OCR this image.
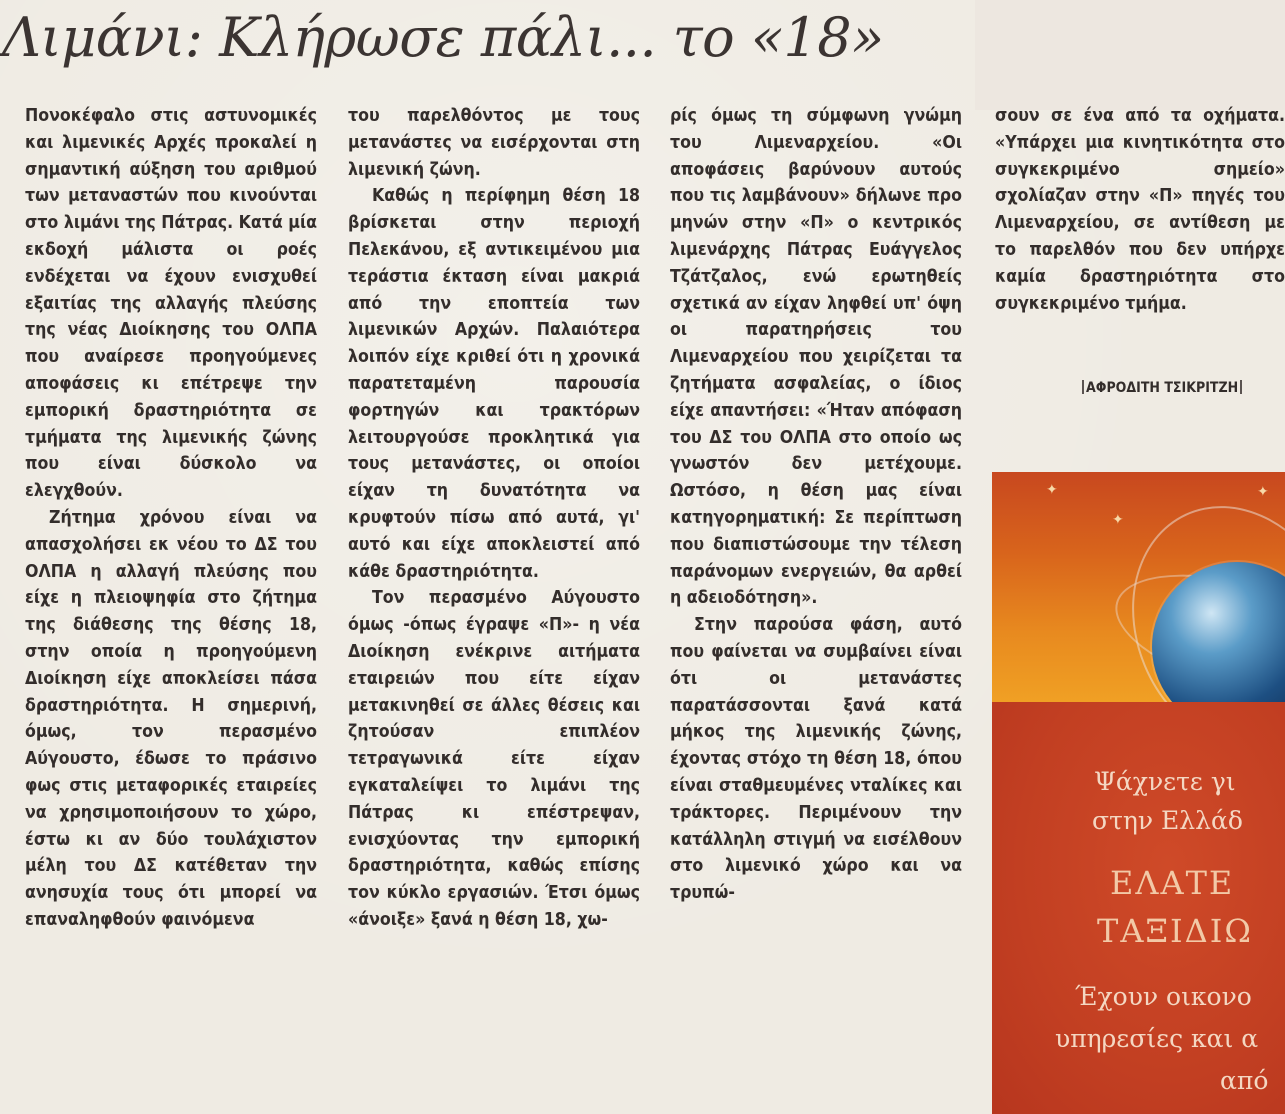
Λιμάνι: Κλήρωσε πάλι... το «18»

Πονοκέφαλο στις αστυνομικές και λιμενικές Αρχές προκαλεί η σημαντική αύξηση του αριθμού των μεταναστών που κινούνται στο λιμάνι της Πάτρας. Κατά μία εκδοχή μάλιστα οι ροές ενδέχεται να έχουν ενισχυθεί εξαιτίας της αλλαγής πλεύσης της νέας Διοίκησης του ΟΛΠΑ που αναίρεσε προηγούμενες αποφάσεις κι επέτρεψε την εμπορική δραστηριότητα σε τμήματα της λιμενικής ζώνης που είναι δύσκολο να ελεγχθούν.

Ζήτημα χρόνου είναι να απασχολήσει εκ νέου το ΔΣ του ΟΛΠΑ η αλλαγή πλεύσης που είχε η πλειοψηφία στο ζήτημα της διάθεσης της θέσης 18, στην οποία η προηγούμενη Διοίκηση είχε αποκλείσει πάσα δραστηριότητα. Η σημερινή, όμως, τον περασμένο Αύγουστο, έδωσε το πράσινο φως στις μεταφορικές εταιρείες να χρησιμοποιήσουν το χώρο, έστω κι αν δύο τουλάχιστον μέλη του ΔΣ κατέθεταν την ανησυχία τους ότι μπορεί να επαναληφθούν φαινόμενα

του παρελθόντος με τους μετανάστες να εισέρχονται στη λιμενική ζώνη.

Καθώς η περίφημη θέση 18 βρίσκεται στην περιοχή Πελεκάνου, εξ αντικειμένου μια τεράστια έκταση είναι μακριά από την εποπτεία των λιμενικών Αρχών. Παλαιότερα λοιπόν είχε κριθεί ότι η χρονικά παρατεταμένη παρουσία φορτηγών και τρακτόρων λειτουργούσε προκλητικά για τους μετανάστες, οι οποίοι είχαν τη δυνατότητα να κρυφτούν πίσω από αυτά, γι' αυτό και είχε αποκλειστεί από κάθε δραστηριότητα.

Τον περασμένο Αύγουστο όμως -όπως έγραψε «Π»- η νέα Διοίκηση ενέκρινε αιτήματα εταιρειών που είτε είχαν μετακινηθεί σε άλλες θέσεις και ζητούσαν επιπλέον τετραγωνικά είτε είχαν εγκαταλείψει το λιμάνι της Πάτρας κι επέστρεψαν, ενισχύοντας την εμπορική δραστηριότητα, καθώς επίσης τον κύκλο εργασιών. Έτσι όμως «άνοιξε» ξανά η θέση 18, χω-

ρίς όμως τη σύμφωνη γνώμη του Λιμεναρχείου. «Οι αποφάσεις βαρύνουν αυτούς που τις λαμβάνουν» δήλωνε προ μηνών στην «Π» ο κεντρικός λιμενάρχης Πάτρας Ευάγγελος Τζάτζαλος, ενώ ερωτηθείς σχετικά αν είχαν ληφθεί υπ' όψη οι παρατηρήσεις του Λιμεναρχείου που χειρίζεται τα ζητήματα ασφαλείας, ο ίδιος είχε απαντήσει: «Ήταν απόφαση του ΔΣ του ΟΛΠΑ στο οποίο ως γνωστόν δεν μετέχουμε. Ωστόσο, η θέση μας είναι κατηγορηματική: Σε περίπτωση που διαπιστώσουμε την τέλεση παράνομων ενεργειών, θα αρθεί η αδειοδότηση».

Στην παρούσα φάση, αυτό που φαίνεται να συμβαίνει είναι ότι οι μετανάστες παρατάσσονται ξανά κατά μήκος της λιμενικής ζώνης, έχοντας στόχο τη θέση 18, όπου είναι σταθμευμένες νταλίκες και τράκτορες. Περιμένουν την κατάλληλη στιγμή να εισέλθουν στο λιμενικό χώρο και να τρυπώ-

σουν σε ένα από τα οχήματα. «Υπάρχει μια κινητικότητα στο συγκεκριμένο σημείο» σχολίαζαν στην «Π» πηγές του Λιμεναρχείου, σε αντίθεση με το παρελθόν που δεν υπήρχε καμία δραστηριότητα στο συγκεκριμένο τμήμα.

ΑΦΡΟΔΙΤΗ ΤΣΙΚΡΙΤΖΗ
✦
✦
✦
Ψάχνετε γι
στην Ελλάδ
ΕΛΑΤΕ
ΤΑΞΙΔΙΩ
Έχουν οικονο
υπηρεσίες και α
από
